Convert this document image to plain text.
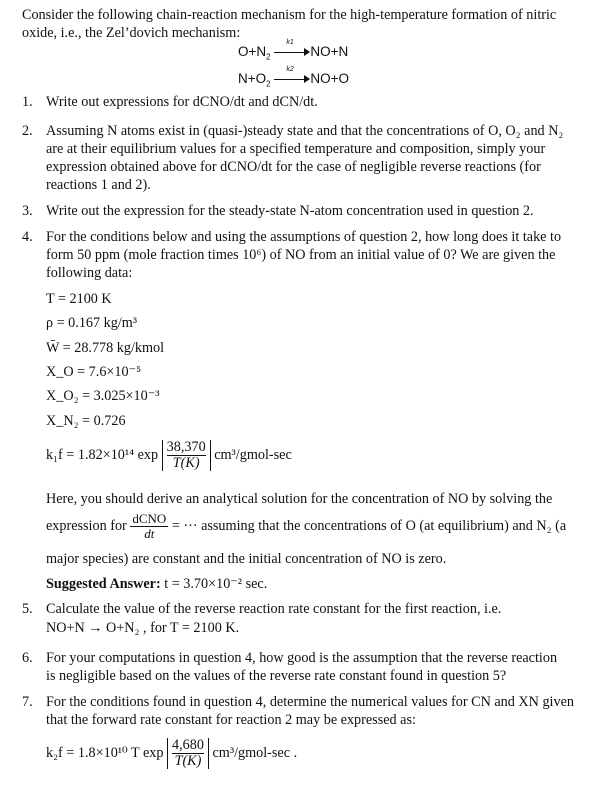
Consider the following chain-reaction mechanism for the high-temperature formation of nitric
oxide, i.e., the Zel’dovich mechanism:
$O+N_2$
k1
NO+N
$N+O_2$
k2
NO+O
1. Write out expressions for dCNO/dt and dCN/dt.
2. Assuming N atoms exist in (quasi-)steady state and that the concentrations of O, O₂ and N₂
are at their equilibrium values for a specified temperature and composition, simply your
expression obtained above for dCNO/dt for the case of negligible reverse reactions (for
reactions 1 and 2).
3. Write out the expression for the steady-state N-atom concentration used in question 2.
4. For the conditions below and using the assumptions of question 2, how long does it take to
form 50 ppm (mole fraction times 10⁶) of NO from an initial value of 0? We are given the
following data:
T = 2100 K
ρ = 0.167 kg/m³
W̄ = 28.778 kg/kmol
X_O = 7.6×10⁻⁵
X_O₂ = 3.025×10⁻³
X_N₂ = 0.726
k₁f = 1.82×10¹⁴ $\exp \frac{38,370}{T(K)}$ cm³/gmol-sec
Here, you should derive an analytical solution for the concentration of NO by solving the
expression for $\frac{\text{dCNO}}{dt}$ = ··· assuming that the concentrations of O (at equilibrium) and N₂ (a
major species) are constant and the initial concentration of NO is zero.
Suggested Answer: t = 3.70×10⁻² sec.
5. Calculate the value of the reverse reaction rate constant for the first reaction, i.e.
NO+N → O+N₂ , for T = 2100 K.
6. For your computations in question 4, how good is the assumption that the reverse reaction
is negligible based on the values of the reverse rate constant found in question 5?
7. For the conditions found in question 4, determine the numerical values for CN and XN given
that the forward rate constant for reaction 2 may be expressed as:
k₂f = 1.8×10¹⁰ T $\exp \frac{4,680}{T(K)}$ cm³/gmol-sec .
